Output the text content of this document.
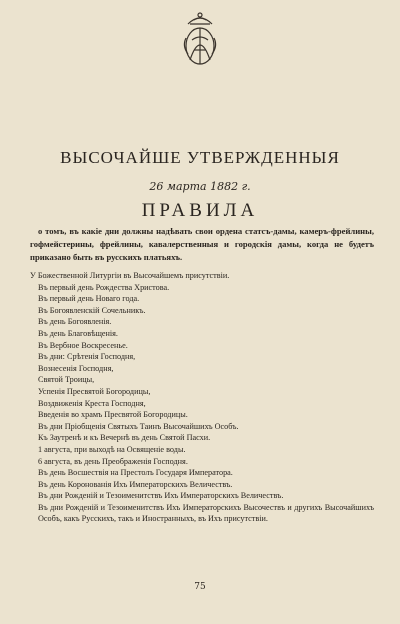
ВЫСОЧАЙШЕ УТВЕРЖДЕННЫЯ
26 марта 1882 г.
ПРАВИЛА
о томъ, въ какіе дни должны надѣвать свои ордена статсъ-дамы, камеръ-фрейлины, гофмейстерины, фрейлины, кавалерственныя и городскія дамы, когда не будетъ приказано быть въ русскихъ платьяхъ.
У Божественной Литургіи въ Высочайшемъ присутствіи.
Въ первый день Рождества Христова.
Въ первый день Новаго года.
Въ Богоявленскій Сочельникъ.
Въ день Богоявленія.
Въ день Благовѣщенія.
Въ Вербное Воскресенье.
Въ дни: Срѣтенія Господня,
Вознесенія Господня,
Святой Троицы,
Успенія Пресвятой Богородицы,
Воздвиженія Креста Господня,
Введенія во храмъ Пресвятой Богородицы.
Въ дни Пріобщенія Святыхъ Таинъ Высочайшихъ Особъ.
Къ Заутренѣ и къ Вечернѣ въ день Святой Пасхи.
1 августа, при выходѣ на Освященіе воды.
6 августа, въ день Преображенія Господня.
Въ день Восшествія на Престолъ Государя Императора.
Въ день Коронованія Ихъ Императорскихъ Величествъ.
Въ дни Рожденій и Тезоименитствъ Ихъ Императорскихъ Величествъ.
Въ дни Рожденій и Тезоименитствъ Ихъ Императорскихъ Высочествъ и другихъ Высочайшихъ Особъ, какъ Русскихъ, такъ и Иностранныхъ, въ Ихъ присутствіи.
75
